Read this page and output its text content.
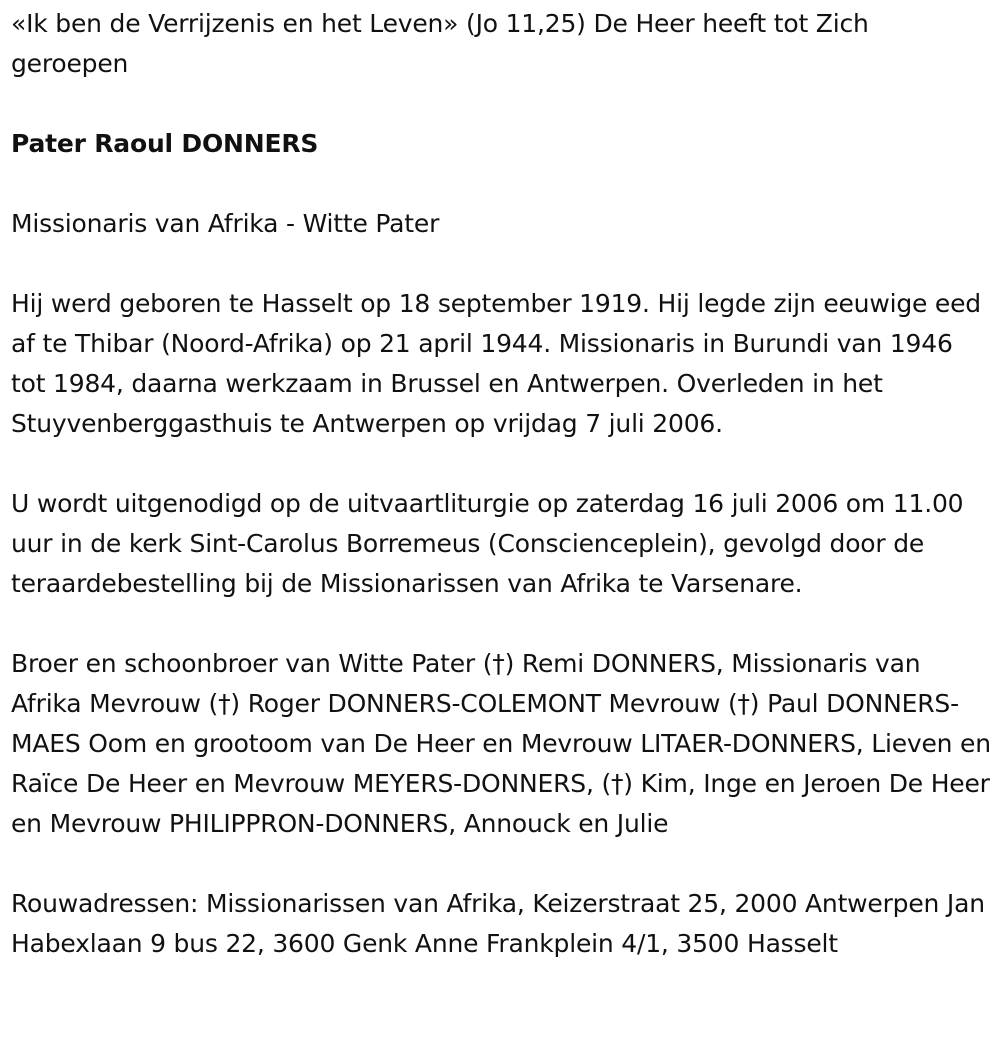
«Ik ben de Verrijzenis en het Leven» (Jo 11,25) De Heer heeft tot Zich geroepen

Pater Raoul DONNERS

Missionaris van Afrika - Witte Pater

Hij werd geboren te Hasselt op 18 september 1919. Hij legde zijn eeuwige eed af te Thibar (Noord-Afrika) op 21 april 1944. Missionaris in Burundi van 1946 tot 1984, daarna werkzaam in Brussel en Antwerpen. Overleden in het Stuyvenberggasthuis te Antwerpen op vrijdag 7 juli 2006.

U wordt uitgenodigd op de uitvaartliturgie op zaterdag 16 juli 2006 om 11.00 uur in de kerk Sint-Carolus Borremeus (Conscienceplein), gevolgd door de teraardebestelling bij de Missionarissen van Afrika te Varsenare.

Broer en schoonbroer van Witte Pater (†) Remi DONNERS, Missionaris van Afrika Mevrouw (†) Roger DONNERS-COLEMONT Mevrouw (†) Paul DONNERS-MAES Oom en grootoom van De Heer en Mevrouw LITAER-DONNERS, Lieven en Raïce De Heer en Mevrouw MEYERS-DONNERS, (†) Kim, Inge en Jeroen De Heer en Mevrouw PHILIPPRON-DONNERS, Annouck en Julie

Rouwadressen: Missionarissen van Afrika, Keizerstraat 25, 2000 Antwerpen Jan Habexlaan 9 bus 22, 3600 Genk Anne Frankplein 4/1, 3500 Hasselt
